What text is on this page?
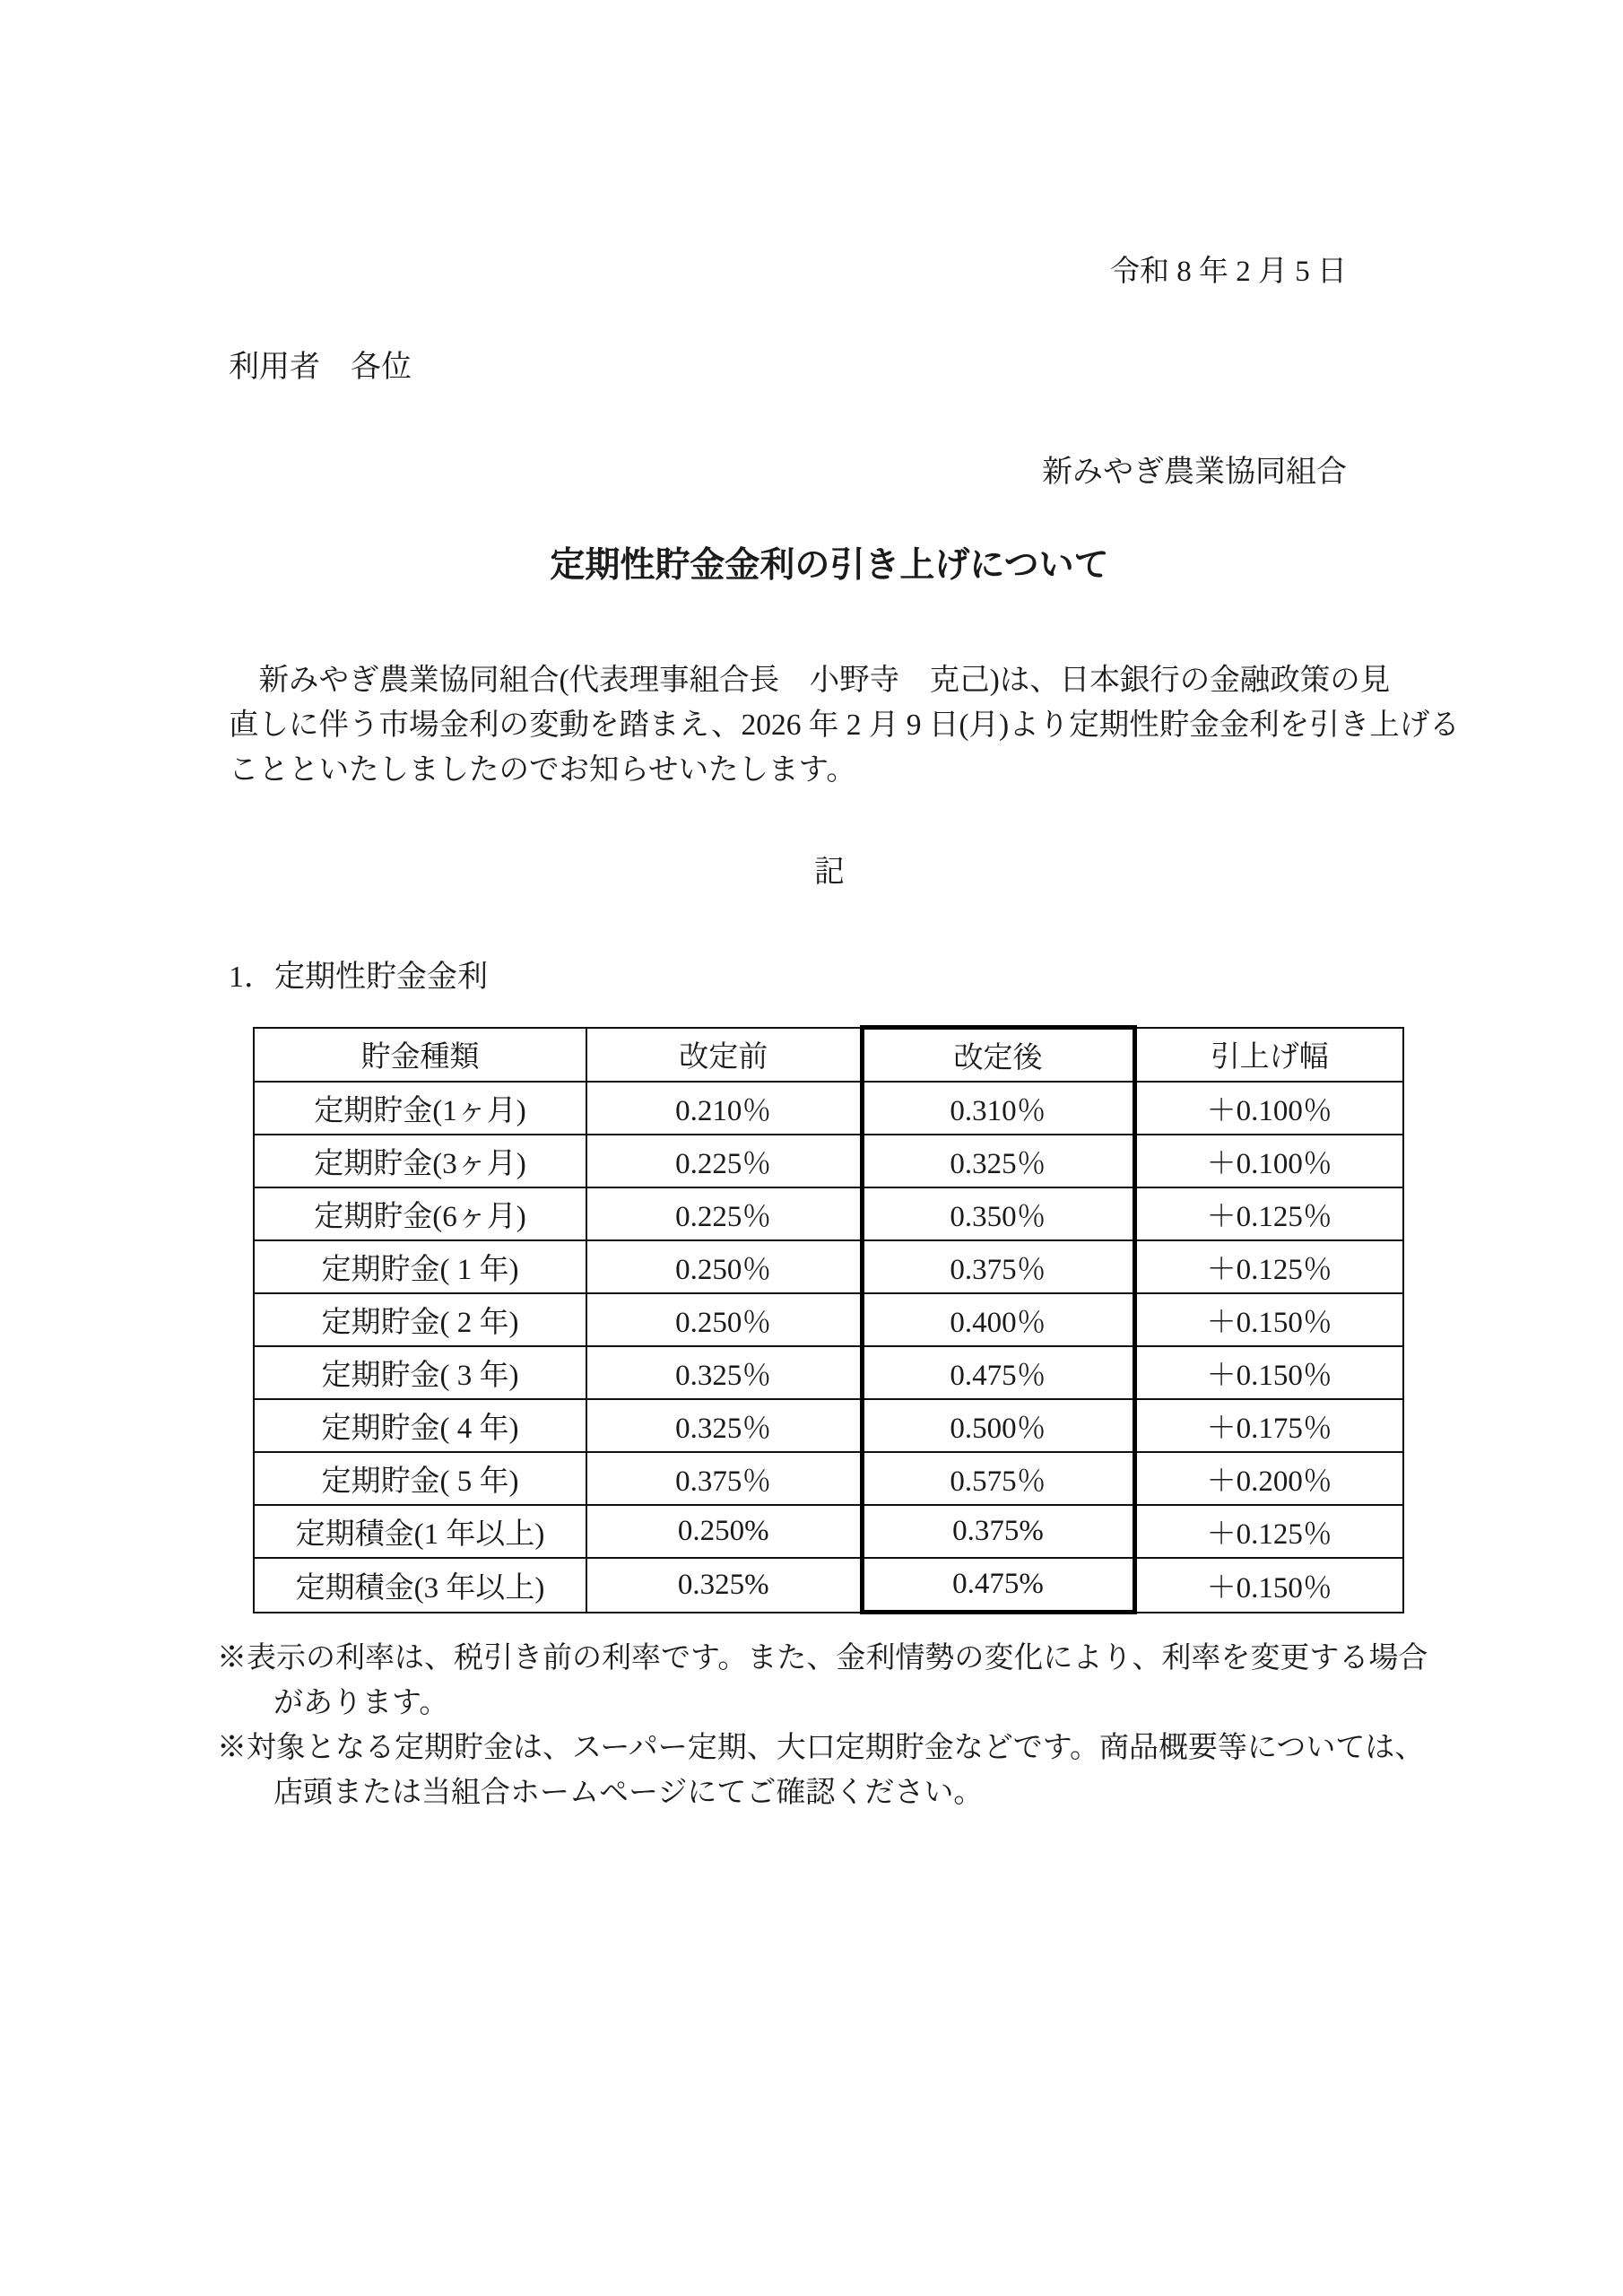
令和 8 年 2 月 5 日
利用者　各位
新みやぎ農業協同組合
定期性貯金金利の引き上げについて
　新みやぎ農業協同組合(代表理事組合長　小野寺　克己)は、日本銀行の金融政策の見
直しに伴う市場金利の変動を踏まえ、2026 年 2 月 9 日(月)より定期性貯金金利を引き上げる
ことといたしましたのでお知らせいたします。
記
1．定期性貯金金利
貯金種類	改定前	改定後	引上げ幅
定期貯金(1ヶ月)	0.210％	0.310％	＋0.100％
定期貯金(3ヶ月)	0.225％	0.325％	＋0.100％
定期貯金(6ヶ月)	0.225％	0.350％	＋0.125％
定期貯金( 1 年)	0.250％	0.375％	＋0.125％
定期貯金( 2 年)	0.250％	0.400％	＋0.150％
定期貯金( 3 年)	0.325％	0.475％	＋0.150％
定期貯金( 4 年)	0.325％	0.500％	＋0.175％
定期貯金( 5 年)	0.375％	0.575％	＋0.200％
定期積金(1 年以上)	0.250%	0.375%	＋0.125％
定期積金(3 年以上)	0.325%	0.475%	＋0.150％
※表示の利率は、税引き前の利率です。また、金利情勢の変化により、利率を変更する場合
があります。
※対象となる定期貯金は、スーパー定期、大口定期貯金などです。商品概要等については、
店頭または当組合ホームページにてご確認ください。
